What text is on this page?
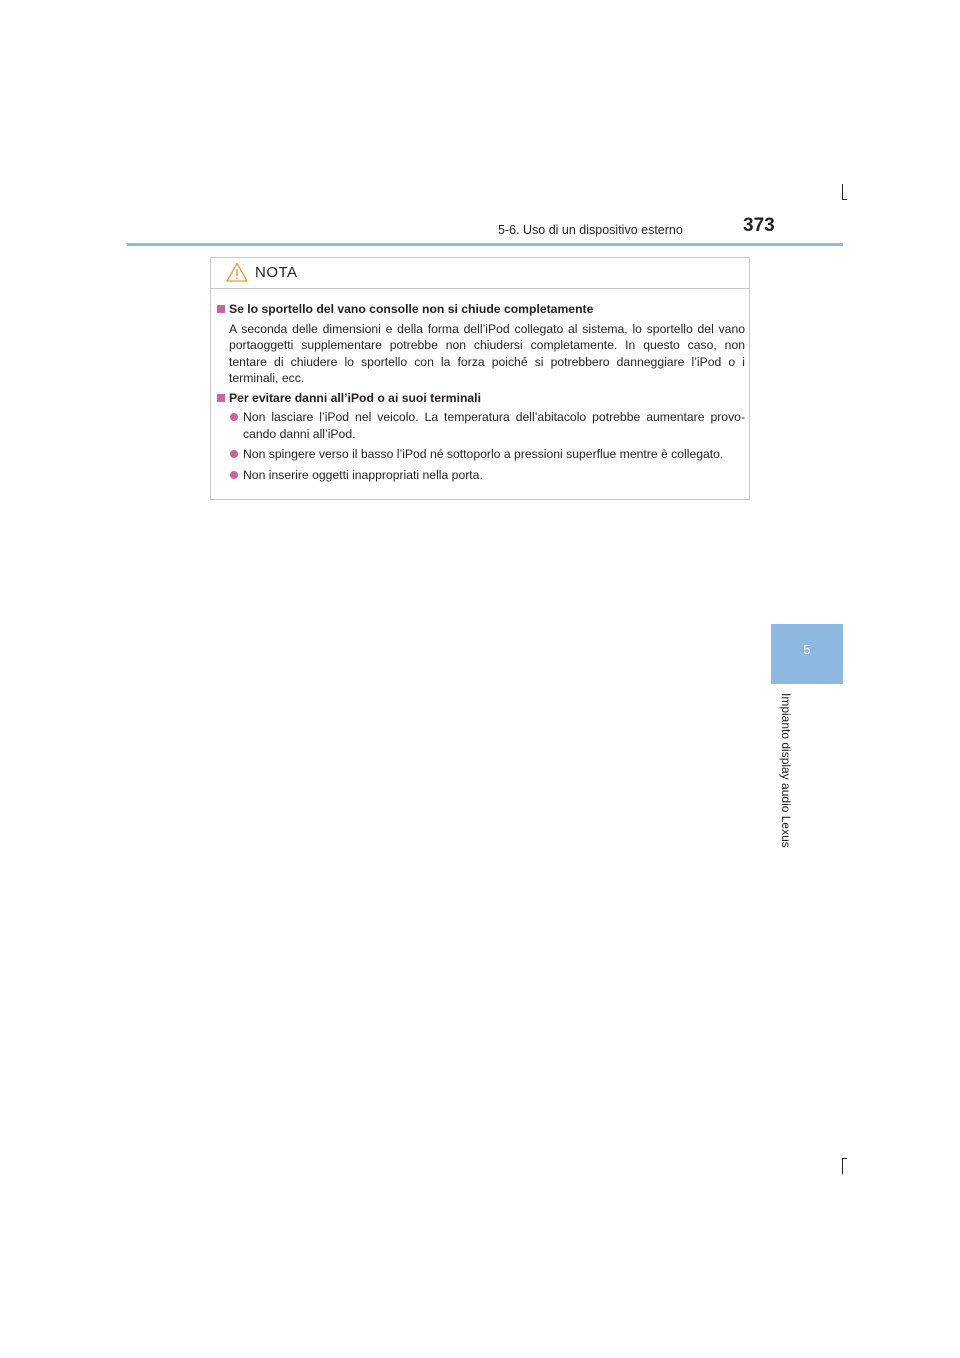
5-6. Uso di un dispositivo esterno	373
5
Impianto display audio Lexus
NOTA
Se lo sportello del vano consolle non si chiude completamente
A seconda delle dimensioni e della forma dell’iPod collegato al sistema, lo sportello del vano portaoggetti supplementare potrebbe non chiudersi completamente. In questo caso, non tentare di chiudere lo sportello con la forza poiché si potrebbero danneggiare l’iPod o i terminali, ecc.
Per evitare danni all’iPod o ai suoi terminali
Non lasciare l’iPod nel veicolo. La temperatura dell’abitacolo potrebbe aumentare provo-cando danni all’iPod.
Non spingere verso il basso l’iPod né sottoporlo a pressioni superflue mentre è collegato.
Non inserire oggetti inappropriati nella porta.
